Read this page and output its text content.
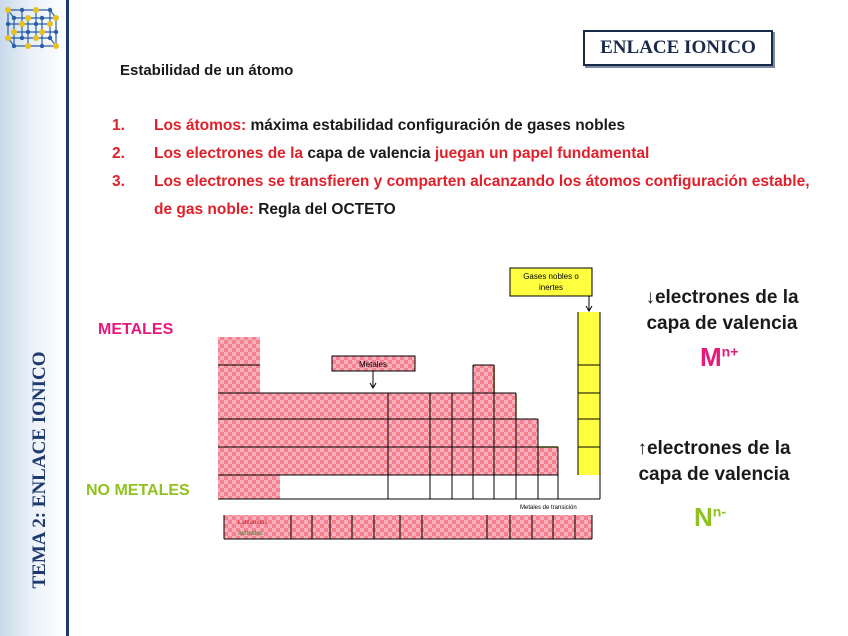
TEMA 2: ENLACE IONICO
ENLACE IONICO
Estabilidad de un átomo
1. Los átomos: máxima estabilidad configuración de gases nobles
2. Los electrones de la capa de valencia juegan un papel fundamental
3. Los electrones se transfieren y comparten alcanzando los átomos configuración estable, de gas noble: Regla del OCTETO
METALES
NO METALES
Gases nobles o
inertes
Metales
Metales de transición
Lantánidos
Actínidos
↓electrones de la
capa de valencia
$M^{n+}$
↑electrones de la
capa de valencia
$N^{n-}$
